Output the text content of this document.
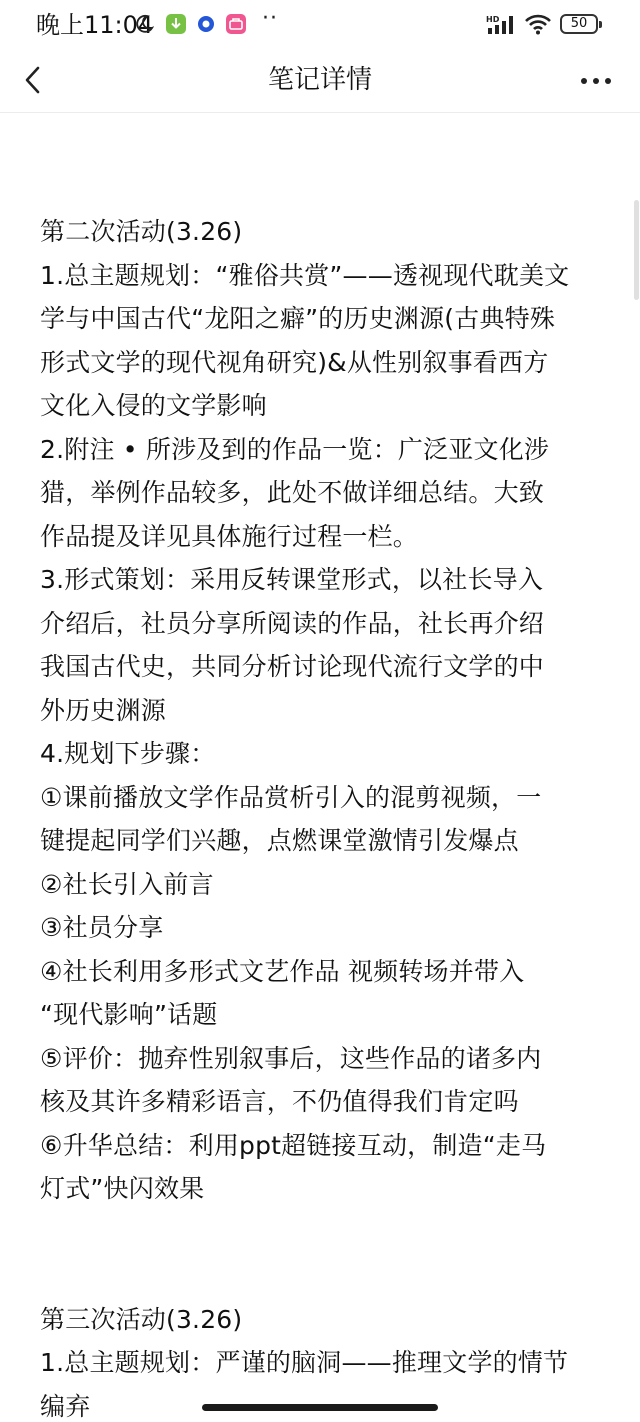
晚上11:04	··	HD	50
笔记详情
第二次活动(3.26)
1.总主题规划：“雅俗共赏”——透视现代耽美文
学与中国古代“龙阳之癖”的历史渊源(古典特殊
形式文学的现代视角研究)&从性别叙事看西方
文化入侵的文学影响
2.附注 • 所涉及到的作品一览：广泛亚文化涉
猎，举例作品较多，此处不做详细总结。大致
作品提及详见具体施行过程一栏。
3.形式策划：采用反转课堂形式，以社长导入
介绍后，社员分享所阅读的作品，社长再介绍
我国古代史，共同分析讨论现代流行文学的中
外历史渊源
4.规划下步骤：
①课前播放文学作品赏析引入的混剪视频，一
键提起同学们兴趣，点燃课堂激情引发爆点
②社长引入前言
③社员分享
④社长利用多形式文艺作品 视频转场并带入
“现代影响”话题
⑤评价：抛弃性别叙事后，这些作品的诸多内
核及其许多精彩语言，不仍值得我们肯定吗
⑥升华总结：利用ppt超链接互动，制造“走马
灯式”快闪效果
第三次活动(3.26)
1.总主题规划：严谨的脑洞——推理文学的情节
编弃
